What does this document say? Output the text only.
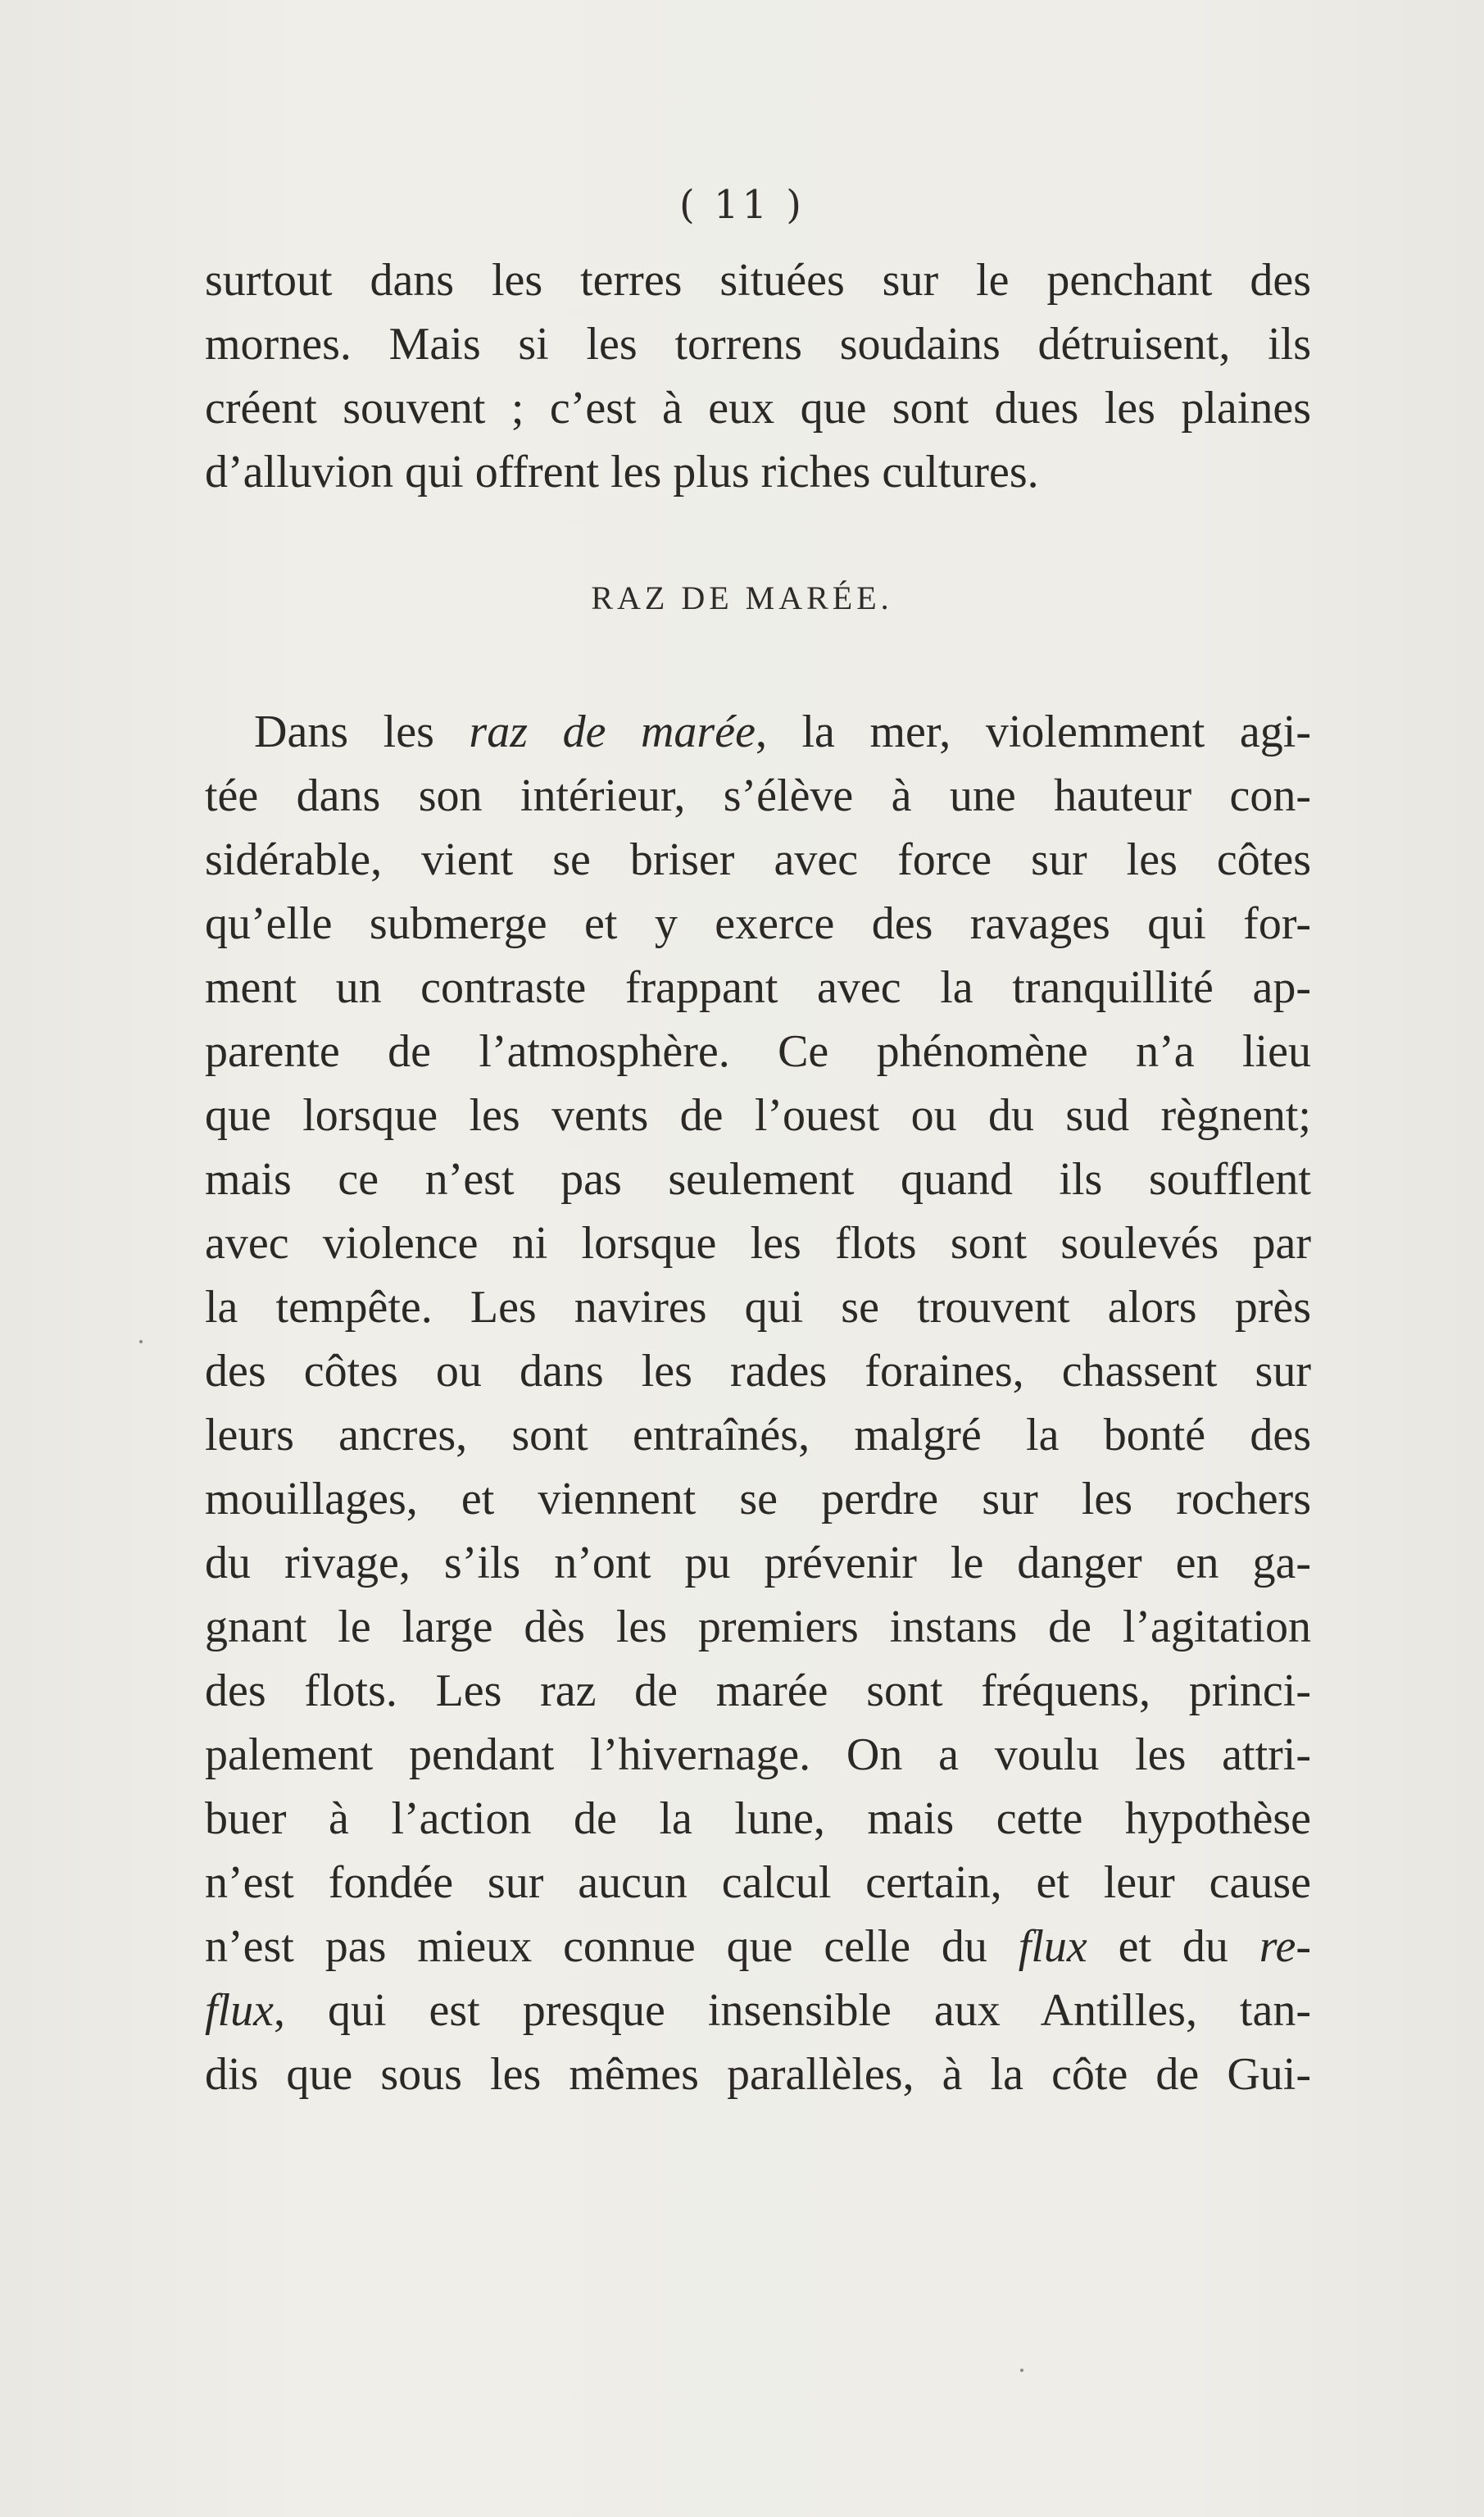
( 11 )
surtout dans les terres situées sur le penchant des
mornes. Mais si les torrens soudains détruisent, ils
créent souvent ; c’est à eux que sont dues les plaines
d’alluvion qui offrent les plus riches cultures.
RAZ DE MARÉE.
Dans les raz de marée, la mer, violemment agi-
tée dans son intérieur, s’élève à une hauteur con-
sidérable, vient se briser avec force sur les côtes
qu’elle submerge et y exerce des ravages qui for-
ment un contraste frappant avec la tranquillité ap-
parente de l’atmosphère. Ce phénomène n’a lieu
que lorsque les vents de l’ouest ou du sud règnent;
mais ce n’est pas seulement quand ils soufflent
avec violence ni lorsque les flots sont soulevés par
la tempête. Les navires qui se trouvent alors près
des côtes ou dans les rades foraines, chassent sur
leurs ancres, sont entraînés, malgré la bonté des
mouillages, et viennent se perdre sur les rochers
du rivage, s’ils n’ont pu prévenir le danger en ga-
gnant le large dès les premiers instans de l’agitation
des flots. Les raz de marée sont fréquens, princi-
palement pendant l’hivernage. On a voulu les attri-
buer à l’action de la lune, mais cette hypothèse
n’est fondée sur aucun calcul certain, et leur cause
n’est pas mieux connue que celle du flux et du re-
flux, qui est presque insensible aux Antilles, tan-
dis que sous les mêmes parallèles, à la côte de Gui-
